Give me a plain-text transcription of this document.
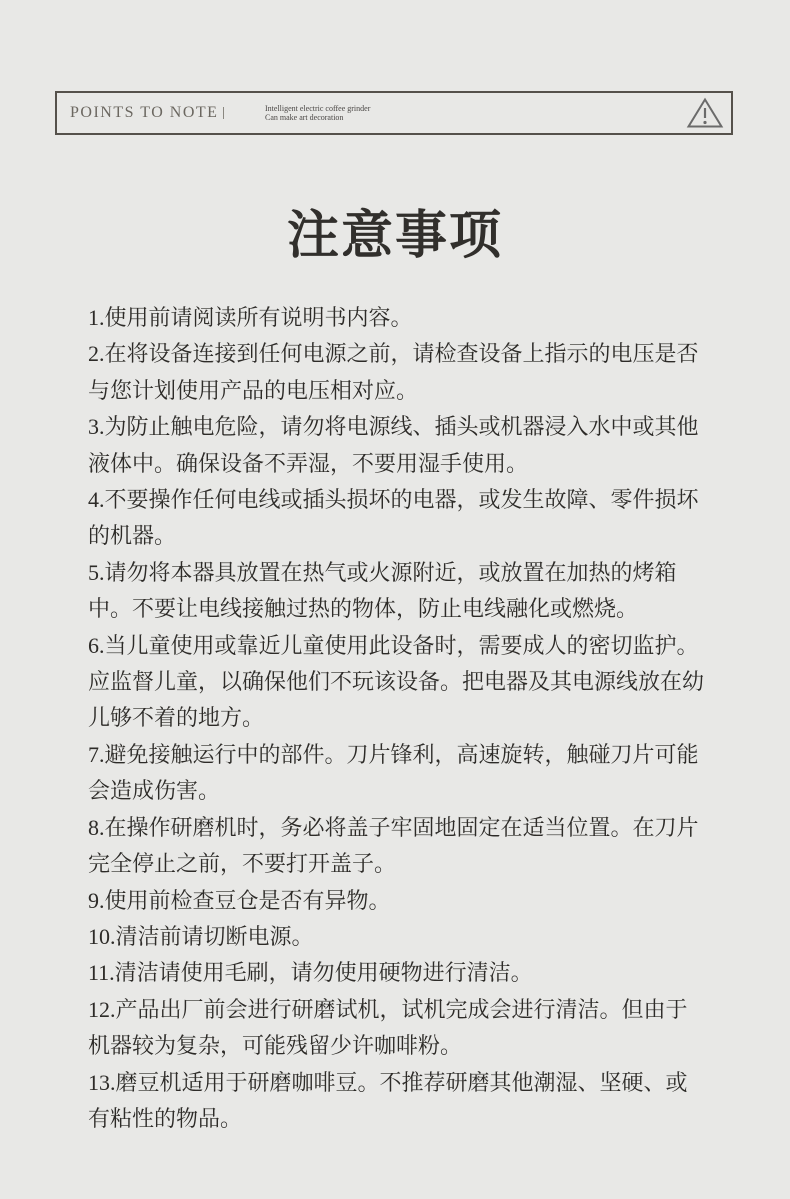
POINTS TO NOTE	Intelligent electric coffee grinder
Can make art decoration
注意事项

1.使用前请阅读所有说明书内容。

2.在将设备连接到任何电源之前，请检查设备上指示的电压是否与您计划使用产品的电压相对应。

3.为防止触电危险，请勿将电源线、插头或机器浸入水中或其他液体中。确保设备不弄湿，不要用湿手使用。

4.不要操作任何电线或插头损坏的电器，或发生故障、零件损坏的机器。

5.请勿将本器具放置在热气或火源附近，或放置在加热的烤箱中。不要让电线接触过热的物体，防止电线融化或燃烧。

6.当儿童使用或靠近儿童使用此设备时，需要成人的密切监护。应监督儿童，以确保他们不玩该设备。把电器及其电源线放在幼儿够不着的地方。

7.避免接触运行中的部件。刀片锋利，高速旋转，触碰刀片可能会造成伤害。

8.在操作研磨机时，务必将盖子牢固地固定在适当位置。在刀片完全停止之前，不要打开盖子。

9.使用前检查豆仓是否有异物。

10.清洁前请切断电源。

11.清洁请使用毛刷，请勿使用硬物进行清洁。

12.产品出厂前会进行研磨试机，试机完成会进行清洁。但由于机器较为复杂，可能残留少许咖啡粉。

13.磨豆机适用于研磨咖啡豆。不推荐研磨其他潮湿、坚硬、或有粘性的物品。
